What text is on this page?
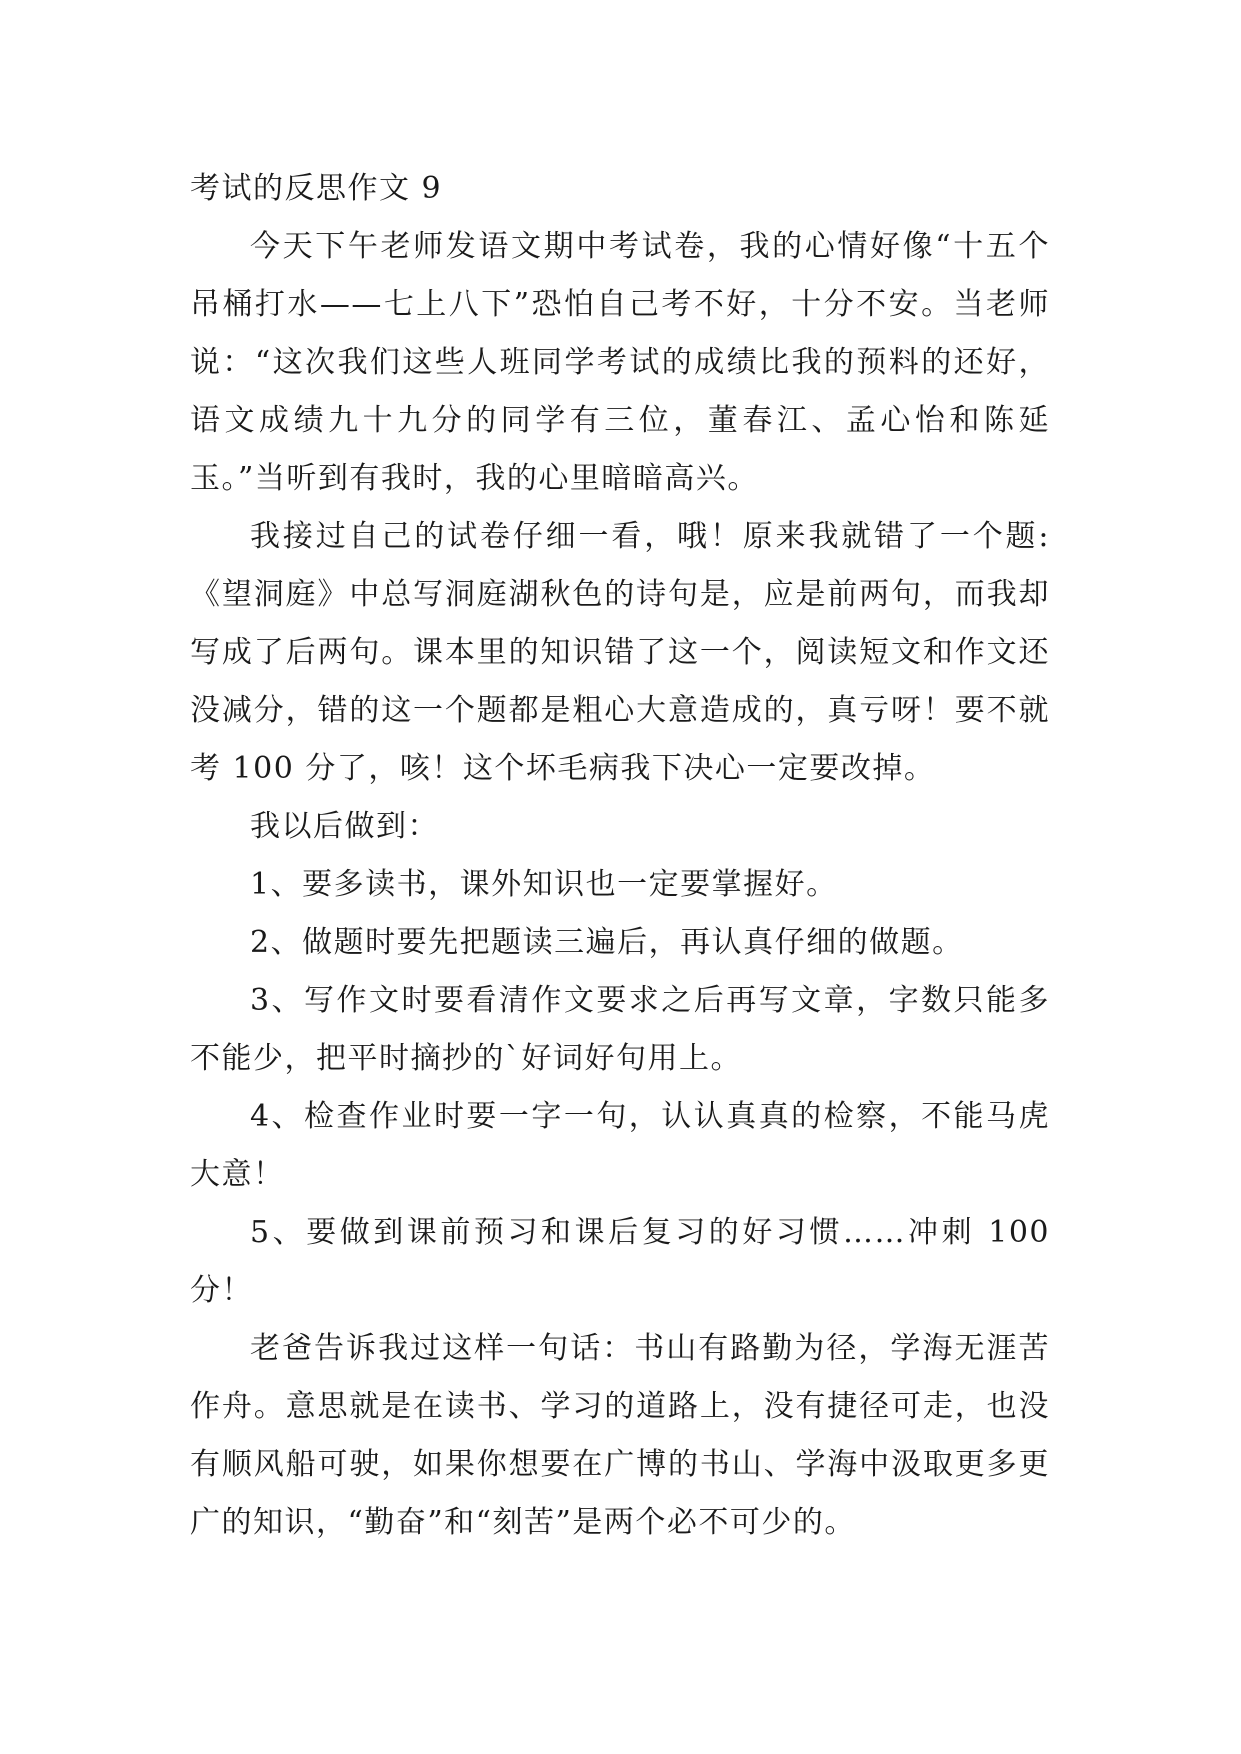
考试的反思作文 9

今天下午老师发语文期中考试卷，我的心情好像“十五个吊桶打水——七上八下”恐怕自己考不好，十分不安。当老师说：“这次我们这些人班同学考试的成绩比我的预料的还好，语文成绩九十九分的同学有三位，董春江、孟心怡和陈延玉。”当听到有我时，我的心里暗暗高兴。

我接过自己的试卷仔细一看，哦！原来我就错了一个题:《望洞庭》中总写洞庭湖秋色的诗句是，应是前两句，而我却写成了后两句。课本里的知识错了这一个，阅读短文和作文还没减分，错的这一个题都是粗心大意造成的，真亏呀！要不就考 100 分了，咳！这个坏毛病我下决心一定要改掉。

我以后做到：

1、要多读书，课外知识也一定要掌握好。

2、做题时要先把题读三遍后，再认真仔细的做题。

3、写作文时要看清作文要求之后再写文章，字数只能多不能少，把平时摘抄的`好词好句用上。

4、检查作业时要一字一句，认认真真的检察，不能马虎大意！

5、要做到课前预习和课后复习的好习惯……冲刺 100 分！

老爸告诉我过这样一句话：书山有路勤为径，学海无涯苦作舟。意思就是在读书、学习的道路上，没有捷径可走，也没有顺风船可驶，如果你想要在广博的书山、学海中汲取更多更广的知识，“勤奋”和“刻苦”是两个必不可少的。
